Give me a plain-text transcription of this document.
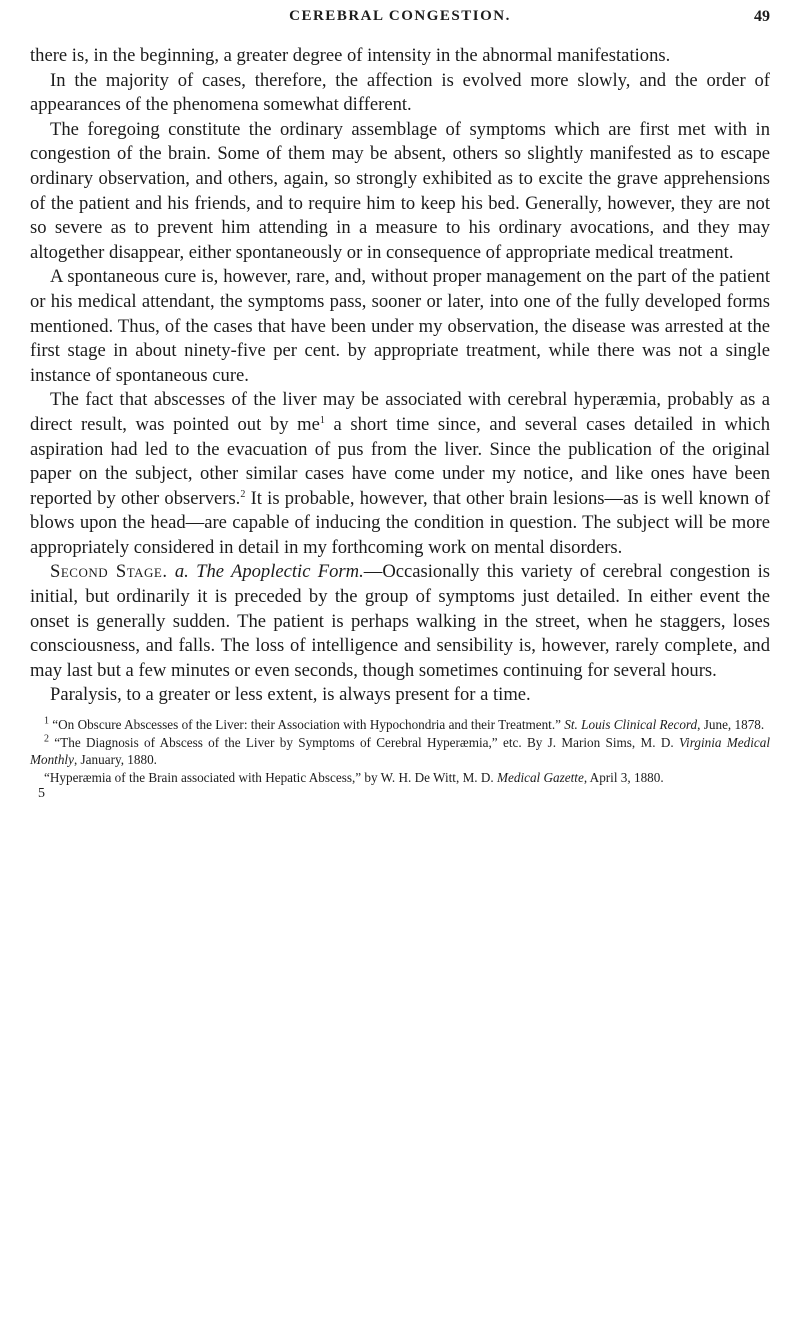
CEREBRAL CONGESTION.	49

there is, in the beginning, a greater degree of intensity in the abnormal manifestations.

In the majority of cases, therefore, the affection is evolved more slowly, and the order of appearances of the phenomena somewhat different.

The foregoing constitute the ordinary assemblage of symptoms which are first met with in congestion of the brain. Some of them may be absent, others so slightly manifested as to escape ordinary observation, and others, again, so strongly exhibited as to excite the grave apprehensions of the patient and his friends, and to require him to keep his bed. Generally, however, they are not so severe as to prevent him attending in a measure to his ordinary avocations, and they may altogether disappear, either spontaneously or in consequence of appropriate medical treatment.

A spontaneous cure is, however, rare, and, without proper management on the part of the patient or his medical attendant, the symptoms pass, sooner or later, into one of the fully developed forms mentioned. Thus, of the cases that have been under my observation, the disease was arrested at the first stage in about ninety-five per cent. by appropriate treatment, while there was not a single instance of spontaneous cure.

The fact that abscesses of the liver may be associated with cerebral hyperæmia, probably as a direct result, was pointed out by $me^1$ a short time since, and several cases detailed in which aspiration had led to the evacuation of pus from the liver. Since the publication of the original paper on the subject, other similar cases have come under my notice, and like ones have been reported by other observers.$^2$ It is probable, however, that other brain lesions—as is well known of blows upon the head—are capable of inducing the condition in question. The subject will be more appropriately considered in detail in my forthcoming work on mental disorders.

Second Stage. a. The Apoplectic Form.—Occasionally this variety of cerebral congestion is initial, but ordinarily it is preceded by the group of symptoms just detailed. In either event the onset is generally sudden. The patient is perhaps walking in the street, when he staggers, loses consciousness, and falls. The loss of intelligence and sensibility is, however, rarely complete, and may last but a few minutes or even seconds, though sometimes continuing for several hours.

Paralysis, to a greater or less extent, is always present for a time.

$^1$ “On Obscure Abscesses of the Liver: their Association with Hypochondria and their Treatment.” St. Louis Clinical Record, June, 1878.

$^2$ “The Diagnosis of Abscess of the Liver by Symptoms of Cerebral Hyperæmia,” etc. By J. Marion Sims, M. D. Virginia Medical Monthly, January, 1880.

“Hyperæmia of the Brain associated with Hepatic Abscess,” by W. H. De Witt, M. D. Medical Gazette, April 3, 1880.

5
